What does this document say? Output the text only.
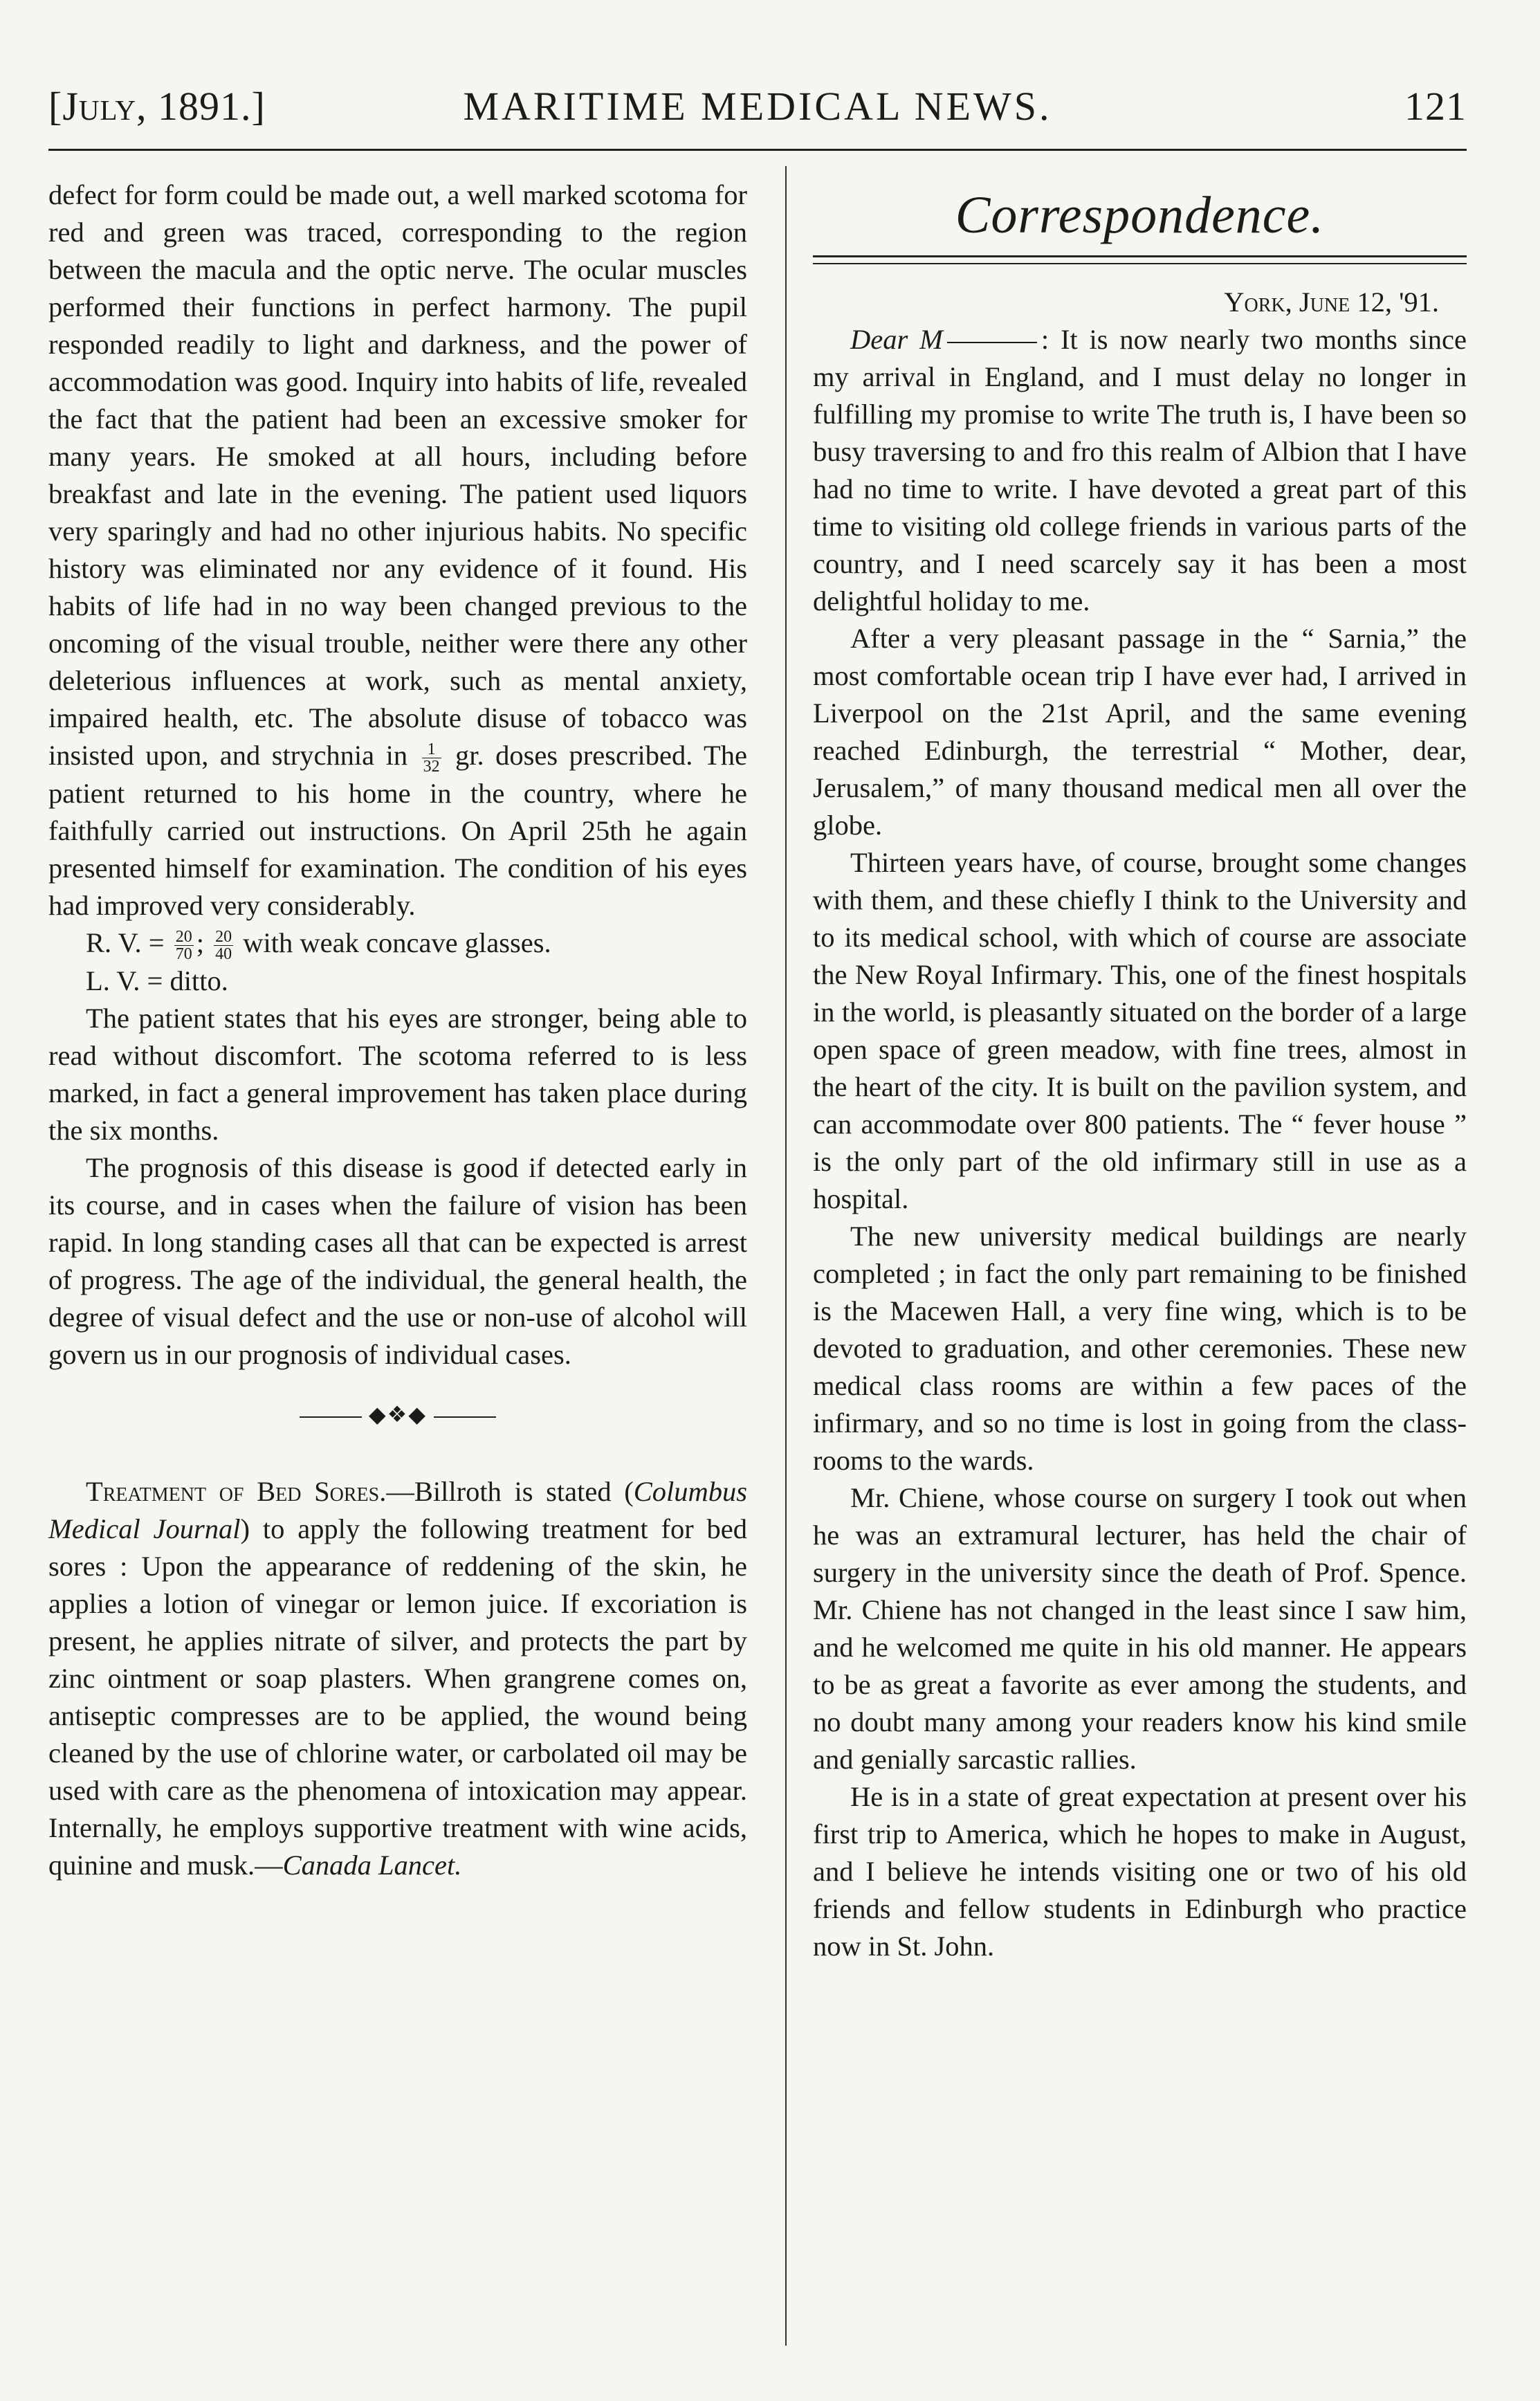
[July, 1891.]	MARITIME MEDICAL NEWS.	121

defect for form could be made out, a well marked scotoma for red and green was traced, corresponding to the region between the macula and the optic nerve. The ocular muscles performed their functions in perfect harmony. The pupil responded readily to light and darkness, and the power of accommodation was good. Inquiry into habits of life, revealed the fact that the patient had been an excessive smoker for many years. He smoked at all hours, including before breakfast and late in the evening. The patient used liquors very sparingly and had no other injurious habits. No specific history was eliminated nor any evidence of it found. His habits of life had in no way been changed previous to the oncoming of the visual trouble, neither were there any other deleterious influences at work, such as mental anxiety, impaired health, etc. The absolute disuse of tobacco was insisted upon, and strychnia in $\frac{1}{32}$ gr. doses prescribed. The patient returned to his home in the country, where he faithfully carried out instructions. On April 25th he again presented himself for examination. The condition of his eyes had improved very considerably.

R. V. = $\frac{20}{70}$ ; $\frac{20}{40}$ with weak concave glasses.

L. V. = ditto.

The patient states that his eyes are stronger, being able to read without discomfort. The scotoma referred to is less marked, in fact a general improvement has taken place during the six months.

The prognosis of this disease is good if detected early in its course, and in cases when the failure of vision has been rapid. In long standing cases all that can be expected is arrest of progress. The age of the individual, the general health, the degree of visual defect and the use or non-use of alcohol will govern us in our prognosis of individual cases.

◆❖◆

Treatment of Bed Sores.—Billroth is stated (Columbus Medical Journal) to apply the following treatment for bed sores : Upon the appearance of reddening of the skin, he applies a lotion of vinegar or lemon juice. If excoriation is present, he applies nitrate of silver, and protects the part by zinc ointment or soap plasters. When grangrene comes on, antiseptic compresses are to be applied, the wound being cleaned by the use of chlorine water, or carbolated oil may be used with care as the phenomena of intoxication may appear. Internally, he employs supportive treatment with wine acids, quinine and musk.—Canada Lancet.

Correspondence.

York, June 12, '91.

Dear M	: It is now nearly two months since my arrival in England, and I must delay no longer in fulfilling my promise to write The truth is, I have been so busy traversing to and fro this realm of Albion that I have had no time to write. I have devoted a great part of this time to visiting old college friends in various parts of the country, and I need scarcely say it has been a most delightful holiday to me.

After a very pleasant passage in the “ Sarnia,” the most comfortable ocean trip I have ever had, I arrived in Liverpool on the 21st April, and the same evening reached Edinburgh, the terrestrial “ Mother, dear, Jerusalem,” of many thousand medical men all over the globe.

Thirteen years have, of course, brought some changes with them, and these chiefly I think to the University and to its medical school, with which of course are associate the New Royal Infirmary. This, one of the finest hospitals in the world, is pleasantly situated on the border of a large open space of green meadow, with fine trees, almost in the heart of the city. It is built on the pavilion system, and can accommodate over 800 patients. The “ fever house ” is the only part of the old infirmary still in use as a hospital.

The new university medical buildings are nearly completed ; in fact the only part remaining to be finished is the Macewen Hall, a very fine wing, which is to be devoted to graduation, and other ceremonies. These new medical class rooms are within a few paces of the infirmary, and so no time is lost in going from the class-rooms to the wards.

Mr. Chiene, whose course on surgery I took out when he was an extramural lecturer, has held the chair of surgery in the university since the death of Prof. Spence. Mr. Chiene has not changed in the least since I saw him, and he welcomed me quite in his old manner. He appears to be as great a favorite as ever among the students, and no doubt many among your readers know his kind smile and genially sarcastic rallies.

He is in a state of great expectation at present over his first trip to America, which he hopes to make in August, and I believe he intends visiting one or two of his old friends and fellow students in Edinburgh who practice now in St. John.
